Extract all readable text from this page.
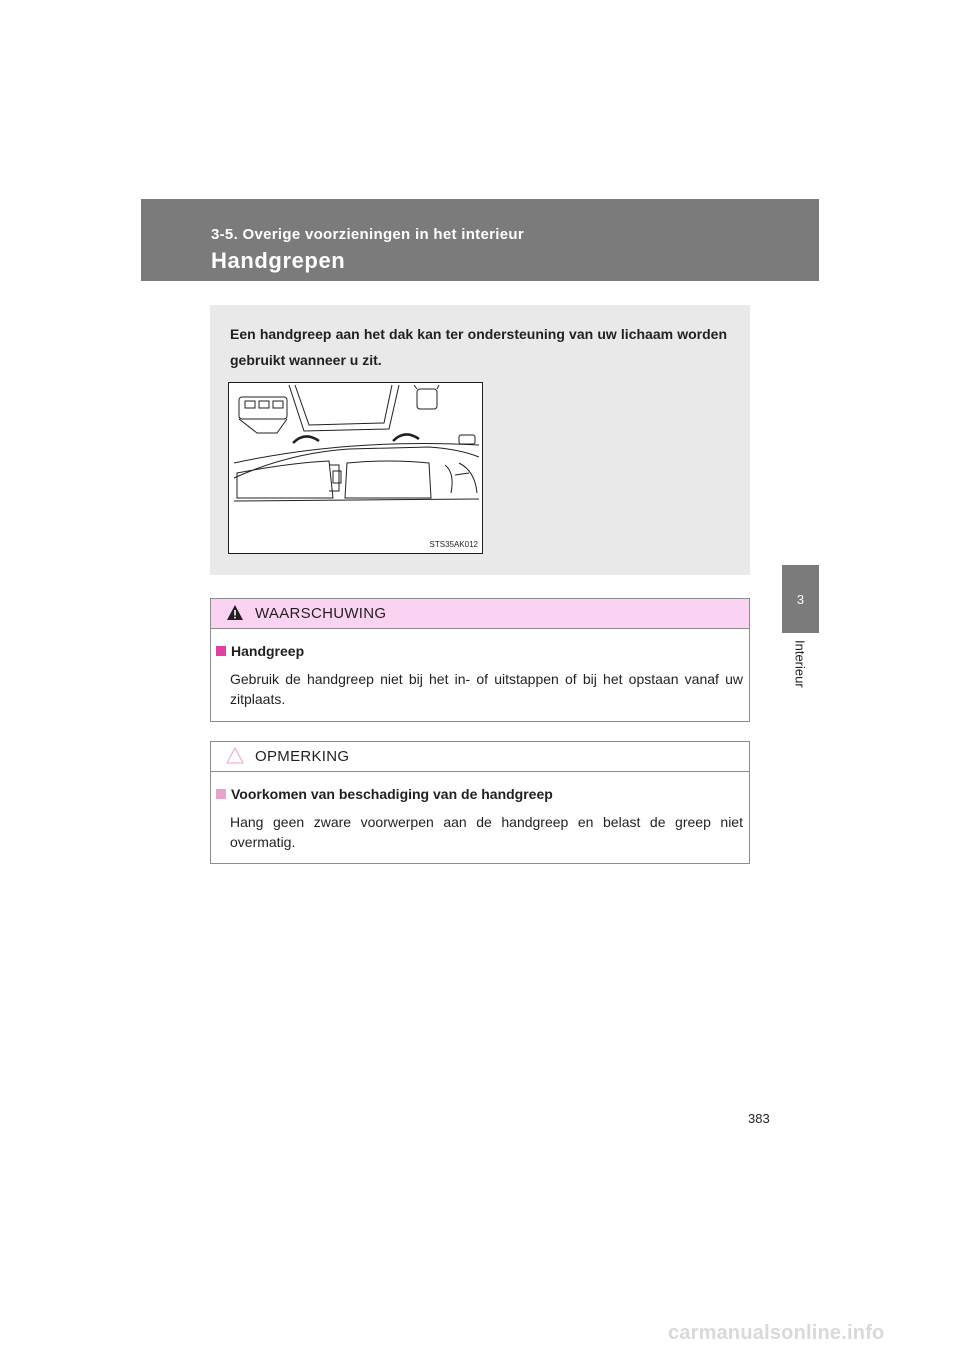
3-5. Overige voorzieningen in het interieur
Handgrepen
3
Interieur

Een handgreep aan het dak kan ter ondersteuning van uw lichaam worden gebruikt wanneer u zit.

STS35AK012
WAARSCHUWING
Handgreep

Gebruik de handgreep niet bij het in- of uitstappen of bij het opstaan vanaf uw zitplaats.

OPMERKING
Voorkomen van beschadiging van de handgreep

Hang geen zware voorwerpen aan de handgreep en belast de greep niet overmatig.

383
carmanualsonline.info
